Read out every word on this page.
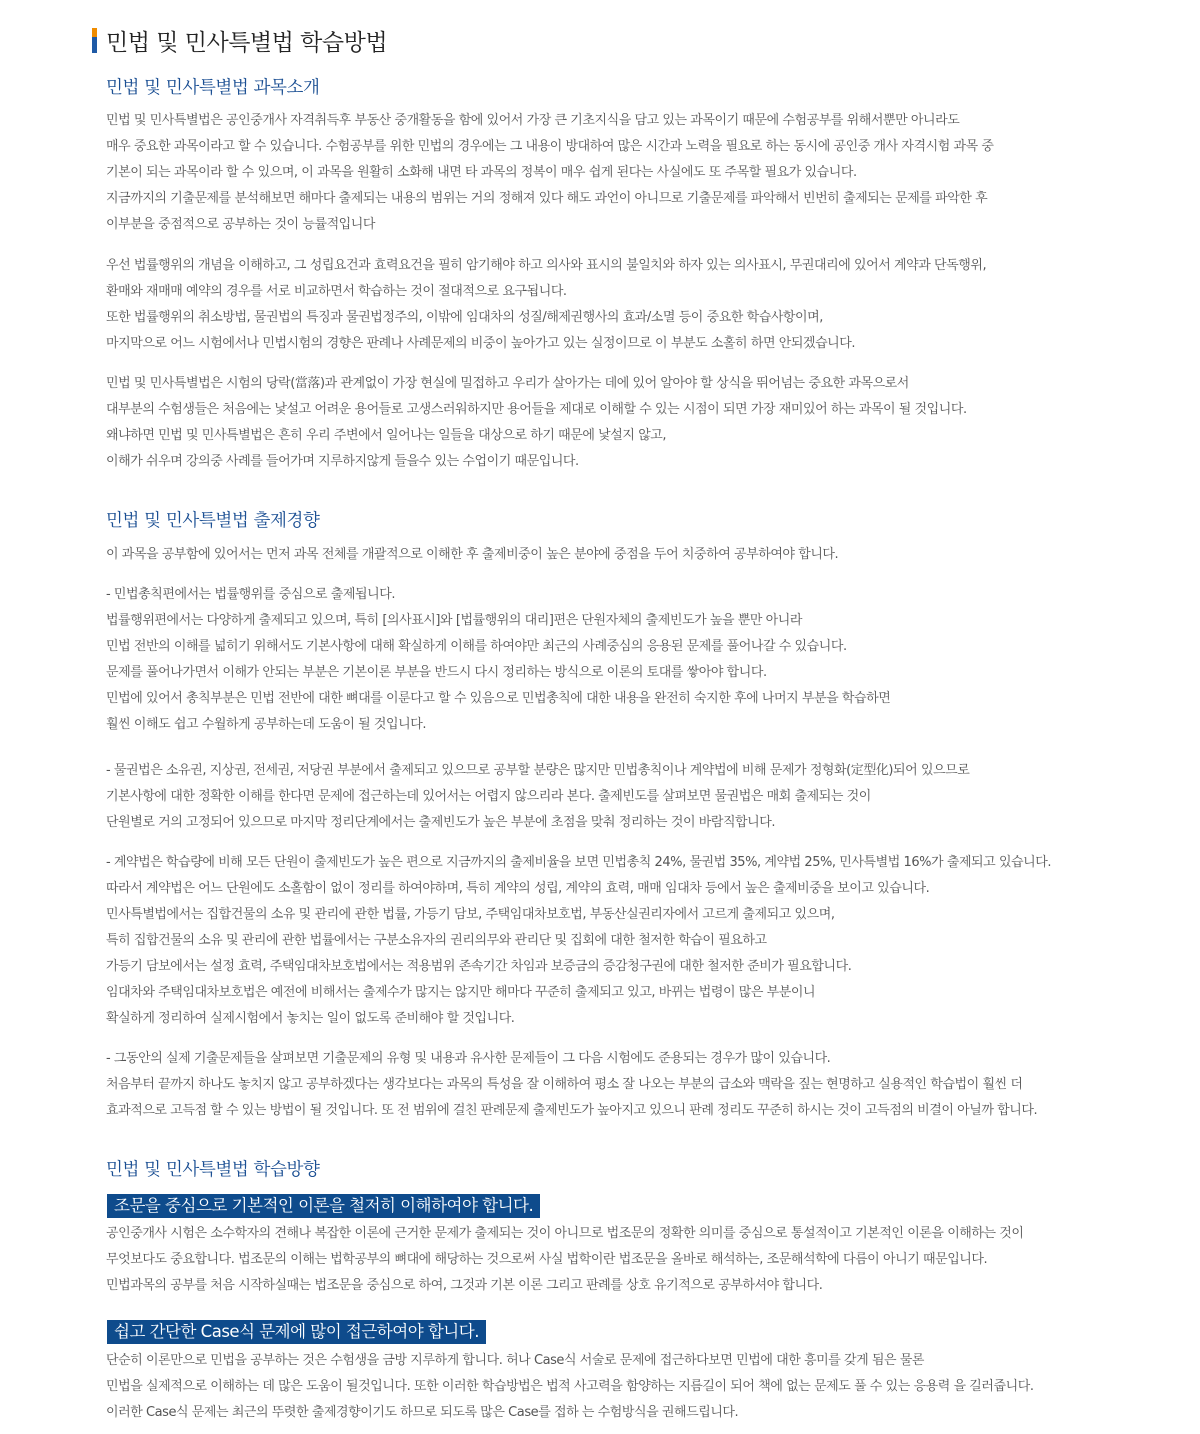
민법 및 민사특별법 학습방법
민법 및 민사특별법 과목소개
민법 및 민사특별법은 공인중개사 자격취득후 부동산 중개활동을 함에 있어서 가장 큰 기초지식을 담고 있는 과목이기 때문에 수험공부를 위해서뿐만 아니라도
매우 중요한 과목이라고 할 수 있습니다. 수험공부를 위한 민법의 경우에는 그 내용이 방대하여 많은 시간과 노력을 필요로 하는 동시에 공인중 개사 자격시험 과목 중
기본이 되는 과목이라 할 수 있으며, 이 과목을 원활히 소화해 내면 타 과목의 정복이 매우 쉽게 된다는 사실에도 또 주목할 필요가 있습니다.
지금까지의 기출문제를 분석해보면 해마다 출제되는 내용의 범위는 거의 정해져 있다 해도 과언이 아니므로 기출문제를 파악해서 빈번히 출제되는 문제를 파악한 후
이부분을 중점적으로 공부하는 것이 능률적입니다
우선 법률행위의 개념을 이해하고, 그 성립요건과 효력요건을 필히 암기해야 하고 의사와 표시의 불일치와 하자 있는 의사표시, 무권대리에 있어서 계약과 단독행위,
환매와 재매매 예약의 경우를 서로 비교하면서 학습하는 것이 절대적으로 요구됩니다.
또한 법률행위의 취소방법, 물권법의 특징과 물권법정주의, 이밖에 임대차의 성질/해제권행사의 효과/소멸 등이 중요한 학습사항이며,
마지막으로 어느 시험에서나 민법시험의 경향은 판례나 사례문제의 비중이 높아가고 있는 실정이므로 이 부분도 소홀히 하면 안되겠습니다.
민법 및 민사특별법은 시험의 당락(當落)과 관계없이 가장 현실에 밀접하고 우리가 살아가는 데에 있어 알아야 할 상식을 뛰어넘는 중요한 과목으로서
대부분의 수험생들은 처음에는 낯설고 어려운 용어들로 고생스러워하지만 용어들을 제대로 이해할 수 있는 시점이 되면 가장 재미있어 하는 과목이 될 것입니다.
왜냐하면 민법 및 민사특별법은 흔히 우리 주변에서 일어나는 일들을 대상으로 하기 때문에 낯설지 않고,
이해가 쉬우며 강의중 사례를 들어가며 지루하지않게 들을수 있는 수업이기 때문입니다.
민법 및 민사특별법 출제경향
이 과목을 공부함에 있어서는 먼저 과목 전체를 개괄적으로 이해한 후 출제비중이 높은 분야에 중점을 두어 치중하여 공부하여야 합니다.
- 민법총칙편에서는 법률행위를 중심으로 출제됩니다.
법률행위편에서는 다양하게 출제되고 있으며, 특히 [의사표시]와 [법률행위의 대리]편은 단원자체의 출제빈도가 높을 뿐만 아니라
민법 전반의 이해를 넓히기 위해서도 기본사항에 대해 확실하게 이해를 하여야만 최근의 사례중심의 응용된 문제를 풀어나갈 수 있습니다.
문제를 풀어나가면서 이해가 안되는 부분은 기본이론 부분을 반드시 다시 정리하는 방식으로 이론의 토대를 쌓아야 합니다.
민법에 있어서 총칙부분은 민법 전반에 대한 뼈대를 이룬다고 할 수 있음으로 민법총칙에 대한 내용을 완전히 숙지한 후에 나머지 부분을 학습하면
훨씬 이해도 쉽고 수월하게 공부하는데 도움이 될 것입니다.
- 물권법은 소유권, 지상권, 전세권, 저당권 부분에서 출제되고 있으므로 공부할 분량은 많지만 민법총칙이나 계약법에 비해 문제가 정형화(定型化)되어 있으므로
기본사항에 대한 정확한 이해를 한다면 문제에 접근하는데 있어서는 어렵지 않으리라 본다. 출제빈도를 살펴보면 물권법은 매회 출제되는 것이
단원별로 거의 고정되어 있으므로 마지막 정리단계에서는 출제빈도가 높은 부분에 초점을 맞춰 정리하는 것이 바람직합니다.
- 계약법은 학습량에 비해 모든 단원이 출제빈도가 높은 편으로 지금까지의 출제비율을 보면 민법총칙 24%, 물권법 35%, 계약법 25%, 민사특별법 16%가 출제되고 있습니다.
따라서 계약법은 어느 단원에도 소홀함이 없이 정리를 하여야하며, 특히 계약의 성립, 계약의 효력, 매매 임대차 등에서 높은 출제비중을 보이고 있습니다.
민사특별법에서는 집합건물의 소유 및 관리에 관한 법률, 가등기 담보, 주택임대차보호법, 부동산실권리자에서 고르게 출제되고 있으며,
특히 집합건물의 소유 및 관리에 관한 법률에서는 구분소유자의 권리의무와 관리단 및 집회에 대한 철저한 학습이 필요하고
가등기 담보에서는 설정 효력, 주택임대차보호법에서는 적용범위 존속기간 차임과 보증금의 증감청구권에 대한 철저한 준비가 필요합니다.
임대차와 주택임대차보호법은 예전에 비해서는 출제수가 많지는 않지만 해마다 꾸준히 출제되고 있고, 바뀌는 법령이 많은 부분이니
확실하게 정리하여 실제시험에서 놓치는 일이 없도록 준비해야 할 것입니다.
- 그동안의 실제 기출문제들을 살펴보면 기출문제의 유형 및 내용과 유사한 문제들이 그 다음 시험에도 준용되는 경우가 많이 있습니다.
처음부터 끝까지 하나도 놓치지 않고 공부하겠다는 생각보다는 과목의 특성을 잘 이해하여 평소 잘 나오는 부분의 급소와 맥락을 짚는 현명하고 실용적인 학습법이 훨씬 더
효과적으로 고득점 할 수 있는 방법이 될 것입니다. 또 전 범위에 걸친 판례문제 출제빈도가 높아지고 있으니 판례 정리도 꾸준히 하시는 것이 고득점의 비결이 아닐까 합니다.
민법 및 민사특별법 학습방향
조문을 중심으로 기본적인 이론을 철저히 이해하여야 합니다.
공인중개사 시험은 소수학자의 견해나 복잡한 이론에 근거한 문제가 출제되는 것이 아니므로 법조문의 정확한 의미를 중심으로 통설적이고 기본적인 이론을 이해하는 것이
무엇보다도 중요합니다. 법조문의 이해는 법학공부의 뼈대에 해당하는 것으로써 사실 법학이란 법조문을 올바로 해석하는, 조문해석학에 다름이 아니기 때문입니다.
민법과목의 공부를 처음 시작하실때는 법조문을 중심으로 하여, 그것과 기본 이론 그리고 판례를 상호 유기적으로 공부하셔야 합니다.
쉽고 간단한 Case식 문제에 많이 접근하여야 합니다.
단순히 이론만으로 민법을 공부하는 것은 수험생을 금방 지루하게 합니다. 허나 Case식 서술로 문제에 접근하다보면 민법에 대한 흥미를 갖게 됨은 물론
민법을 실제적으로 이해하는 데 많은 도움이 될것입니다. 또한 이러한 학습방법은 법적 사고력을 함양하는 지름길이 되어 책에 없는 문제도 풀 수 있는 응용력 을 길러줍니다.
이러한 Case식 문제는 최근의 뚜렷한 출제경향이기도 하므로 되도록 많은 Case를 접하 는 수험방식을 권해드립니다.
